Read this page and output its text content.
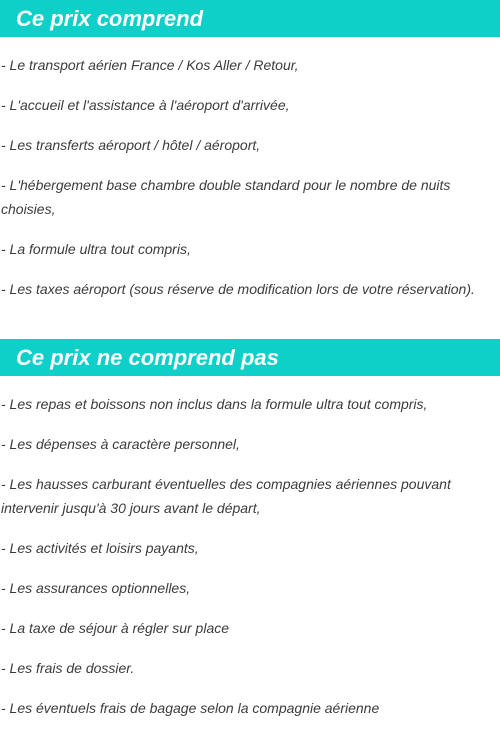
Ce prix comprend
- Le transport aérien France / Kos Aller / Retour,
- L'accueil et l'assistance à l'aéroport d'arrivée,
- Les transferts aéroport / hôtel / aéroport,
- L'hébergement base chambre double standard pour le nombre de nuits choisies,
- La formule ultra tout compris,
- Les taxes aéroport (sous réserve de modification lors de votre réservation).
Ce prix ne comprend pas
- Les repas et boissons non inclus dans la formule ultra tout compris,
- Les dépenses à caractère personnel,
- Les hausses carburant éventuelles des compagnies aériennes pouvant intervenir jusqu'à 30 jours avant le départ,
- Les activités et loisirs payants,
- Les assurances optionnelles,
- La taxe de séjour à régler sur place
- Les frais de dossier.
- Les éventuels frais de bagage selon la compagnie aérienne
